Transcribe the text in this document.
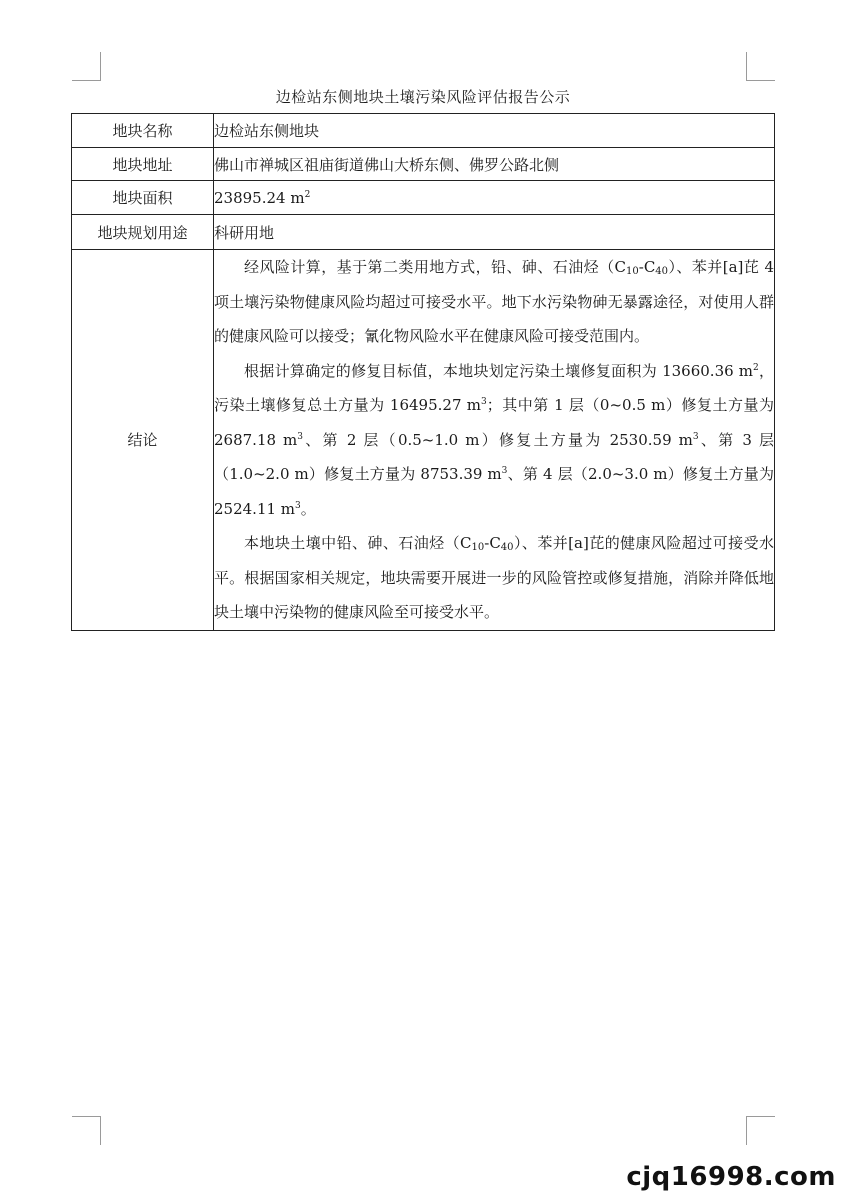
边检站东侧地块土壤污染风险评估报告公示
地块名称	边检站东侧地块
地块地址	佛山市禅城区祖庙街道佛山大桥东侧、佛罗公路北侧
地块面积	23895.24 $m^2$
地块规划用途	科研用地
结论	经风险计算，基于第二类用地方式，铅、砷、石油烃$(C_{10}-C_{40})$、苯并[a]芘 4 项土壤污染物健康风险均超过可接受水平。地下水污染物砷无暴露途径，对使用人群的健康风险可以接受；氰化物风险水平在健康风险可接受范围内。

根据计算确定的修复目标值，本地块划定污染土壤修复面积为 13660.36 $m^2$，污染土壤修复总土方量为 16495.27 $m^3$；其中第 1 层（0~0.5 m）修复土方量为 2687.18 $m^3$、第 2 层（0.5~1.0 m）修复土方量为 2530.59 $m^3$、第 3 层（1.0~2.0 m）修复土方量为 8753.39 $m^3$、第 4 层（2.0~3.0 m）修复土方量为 2524.11 $m^3$。

本地块土壤中铅、砷、石油烃$(C_{10}-C_{40})$、苯并[a]芘的健康风险超过可接受水平。根据国家相关规定，地块需要开展进一步的风险管控或修复措施，消除并降低地块土壤中污染物的健康风险至可接受水平。

cjq16998.com
